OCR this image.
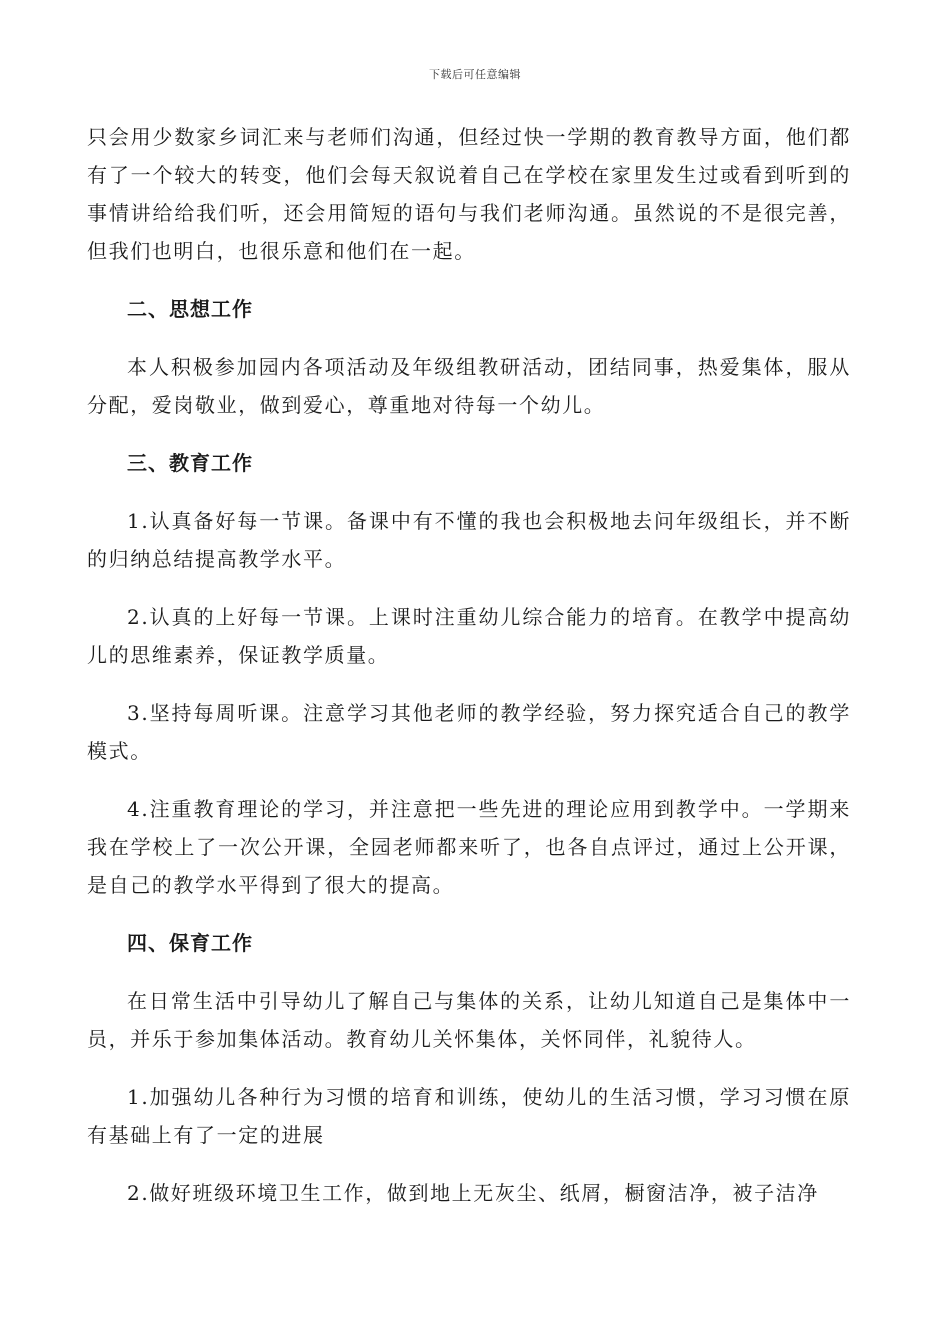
下载后可任意编辑

只会用少数家乡词汇来与老师们沟通，但经过快一学期的教育教导方面，他们都有了一个较大的转变，他们会每天叙说着自己在学校在家里发生过或看到听到的事情讲给给我们听，还会用简短的语句与我们老师沟通。虽然说的不是很完善，但我们也明白，也很乐意和他们在一起。

二、思想工作

本人积极参加园内各项活动及年级组教研活动，团结同事，热爱集体，服从分配，爱岗敬业，做到爱心，尊重地对待每一个幼儿。

三、教育工作

1.认真备好每一节课。备课中有不懂的我也会积极地去问年级组长，并不断的归纳总结提高教学水平。

2.认真的上好每一节课。上课时注重幼儿综合能力的培育。在教学中提高幼儿的思维素养，保证教学质量。

3.坚持每周听课。注意学习其他老师的教学经验，努力探究适合自己的教学模式。

4.注重教育理论的学习，并注意把一些先进的理论应用到教学中。一学期来我在学校上了一次公开课，全园老师都来听了，也各自点评过，通过上公开课，是自己的教学水平得到了很大的提高。

四、保育工作

在日常生活中引导幼儿了解自己与集体的关系，让幼儿知道自己是集体中一员，并乐于参加集体活动。教育幼儿关怀集体，关怀同伴，礼貌待人。

1.加强幼儿各种行为习惯的培育和训练，使幼儿的生活习惯，学习习惯在原有基础上有了一定的进展

2.做好班级环境卫生工作，做到地上无灰尘、纸屑，橱窗洁净，被子洁净
